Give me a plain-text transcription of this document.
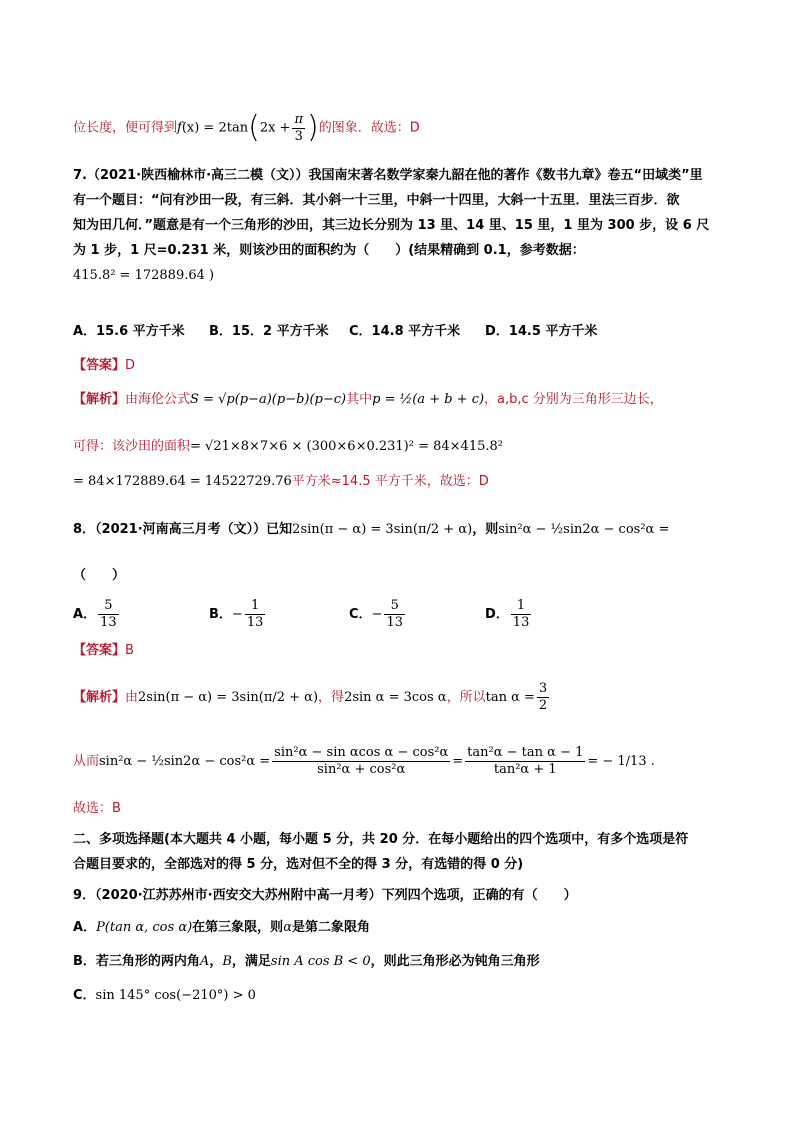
位长度，便可得到$f(x) = 2\tan(2x + \frac{\pi}{3}$ )的图象．故选：D
7.（2021·陕西榆林市·高三二模（文））我国南宋著名数学家秦九韶在他的著作《数书九章》卷五“田域类”里
有一个题目：“问有沙田一段，有三斜．其小斜一十三里，中斜一十四里，大斜一十五里．里法三百步．欲
知为田几何．”题意是有一个三角形的沙田，其三边长分别为 13 里、14 里、15 里，1 里为 300 步，设 6 尺
为 1 步，1 尺=0.231 米，则该沙田的面积约为（　　）(结果精确到 0.1，参考数据：
415.8² = 172889.64 )
A．15.6 平方千米 B．15．2 平方千米 C．14.8 平方千米 D．14.5 平方千米
【答案】D
【解析】由海伦公式S = √p(p−a)(p−b)(p−c)其中p = ½(a + b + c)，a,b,c 分别为三角形三边长，
可得：该沙田的面积= √21×8×7×6 × (300×6×0.231)² = 84×415.8²
= 84×172889.64 = 14522729.76平方米≈14.5 平方千米，故选：D
8．（2021·河南高三月考（文））已知2sin(π − α) = 3sin(π/2 + α)，则sin²α − ½sin2α − cos²α =
（　　）
A． $\frac{5}{13}$	B．− $\frac{1}{13}$	C．− $\frac{5}{13}$	D． $\frac{1}{13}$
【答案】B
【解析】由2sin(π − α) = 3sin(π/2 + α)，得2sin α = 3cos α，所以$\tan \alpha = \frac{3}{2}$
从而sin²α − ½sin2α − $\cos^2\alpha = \frac{\text{sin²α − sin αcos α − cos²α}}{\text{sin²α + cos²α}} = \frac{\text{tan²α − tan α − 1}}{\text{tan²α + 1}}$ = − 1/13 .
故选：B
二、多项选择题(本大题共 4 小题，每小题 5 分，共 20 分．在每小题给出的四个选项中，有多个选项是符
合题目要求的，全部选对的得 5 分，选对但不全的得 3 分，有选错的得 0 分)
9．（2020·江苏苏州市·西安交大苏州附中高一月考）下列四个选项，正确的有（　　）
A．P(tan α, cos α)在第三象限，则α是第二象限角
B．若三角形的两内角A，B，满足sin A cos B < 0，则此三角形必为钝角三角形
C．sin 145° cos(−210°) > 0
